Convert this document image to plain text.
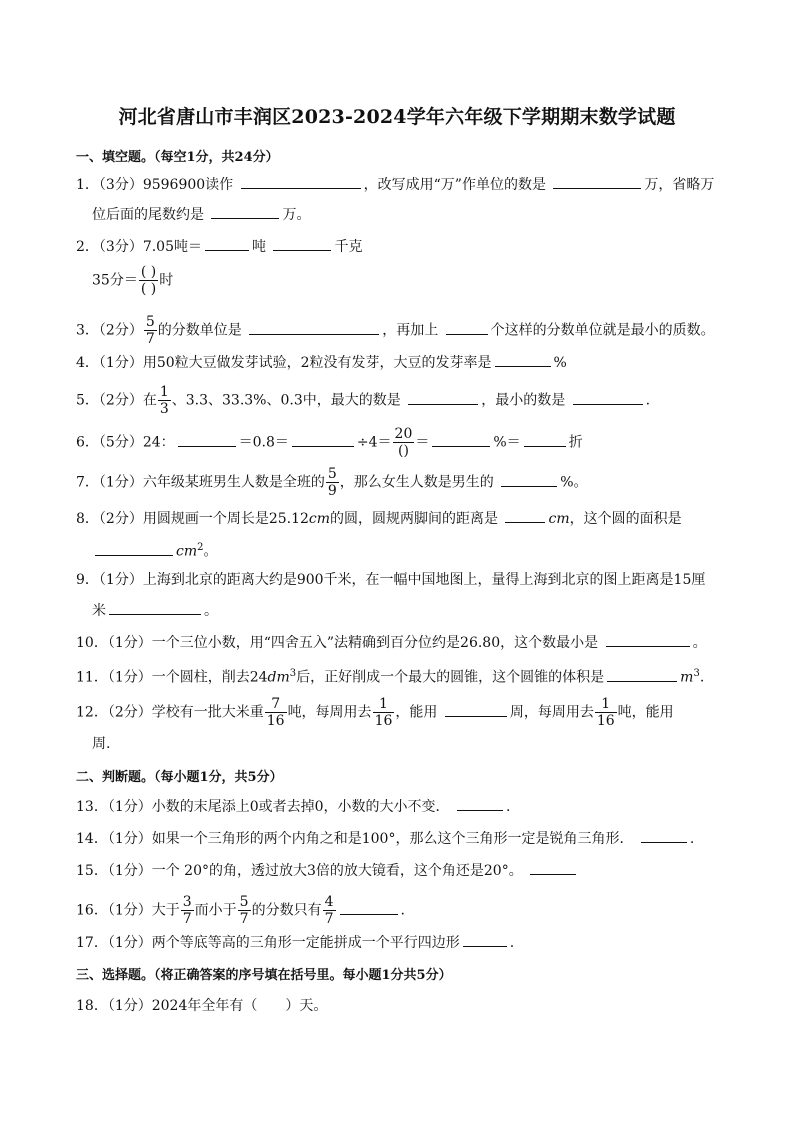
河北省唐山市丰润区2023-2024学年六年级下学期期末数学试题
一、填空题。（每空1分，共24分）
1．（3分）9596900读作	，改写成用“万”作单位的数是	万，省略万
位后面的尾数约是	万。
2．（3分）7.05吨＝	吨	千克
35分＝ $\frac{( )}{( )}$ 时
3．（2分） $\frac{5}{7}$ 的分数单位是	，再加上	个这样的分数单位就是最小的质数。
4．（1分）用50粒大豆做发芽试验，2粒没有发芽，大豆的发芽率是	%
5．（2分）在 $\frac{1}{3}$ 、3.3、33.3%、0.3中，最大的数是	，最小的数是	.
6．（5分）24：	＝0.8＝	$\div 4= \frac{20}{()}$ ＝	%＝	折
7．（1分）六年级某班男生人数是全班的 $\frac{5}{9}$ ，那么女生人数是男生的	%。
8．（2分）用圆规画一个周长是25.12cm的圆，圆规两脚间的距离是	cm，这个圆的面积是
$cm^2$。
9．（1分）上海到北京的距离大约是900千米，在一幅中国地图上，量得上海到北京的图上距离是15厘
米	。
10．（1分）一个三位小数，用“四舍五入”法精确到百分位约是26.80，这个数最小是	。
11．（1分）一个圆柱，削去$24dm^3$后，正好削成一个最大的圆锥，这个圆锥的体积是	$m^3$.
12．（2分）学校有一批大米重 $\frac{7}{16}$ 吨，每周用去 $\frac{1}{16}$ ，能用	周，每周用去 $\frac{1}{16}$ 吨，能用
周.
二、判断题。（每小题1分，共5分）
13．（1分）小数的末尾添上0或者去掉0，小数的大小不变．	.
14．（1分）如果一个三角形的两个内角之和是100°，那么这个三角形一定是锐角三角形．	.
15．（1分）一个 20°的角，透过放大3倍的放大镜看，这个角还是20°。
16．（1分）大于 $\frac{3}{7}$ 而小于 $\frac{5}{7}$ 的分数只有 $\frac{4}{7}$	.
17．（1分）两个等底等高的三角形一定能拼成一个平行四边形	.
三、选择题。（将正确答案的序号填在括号里。每小题1分共5分）
18．（1分）2024年全年有（　　）天。
